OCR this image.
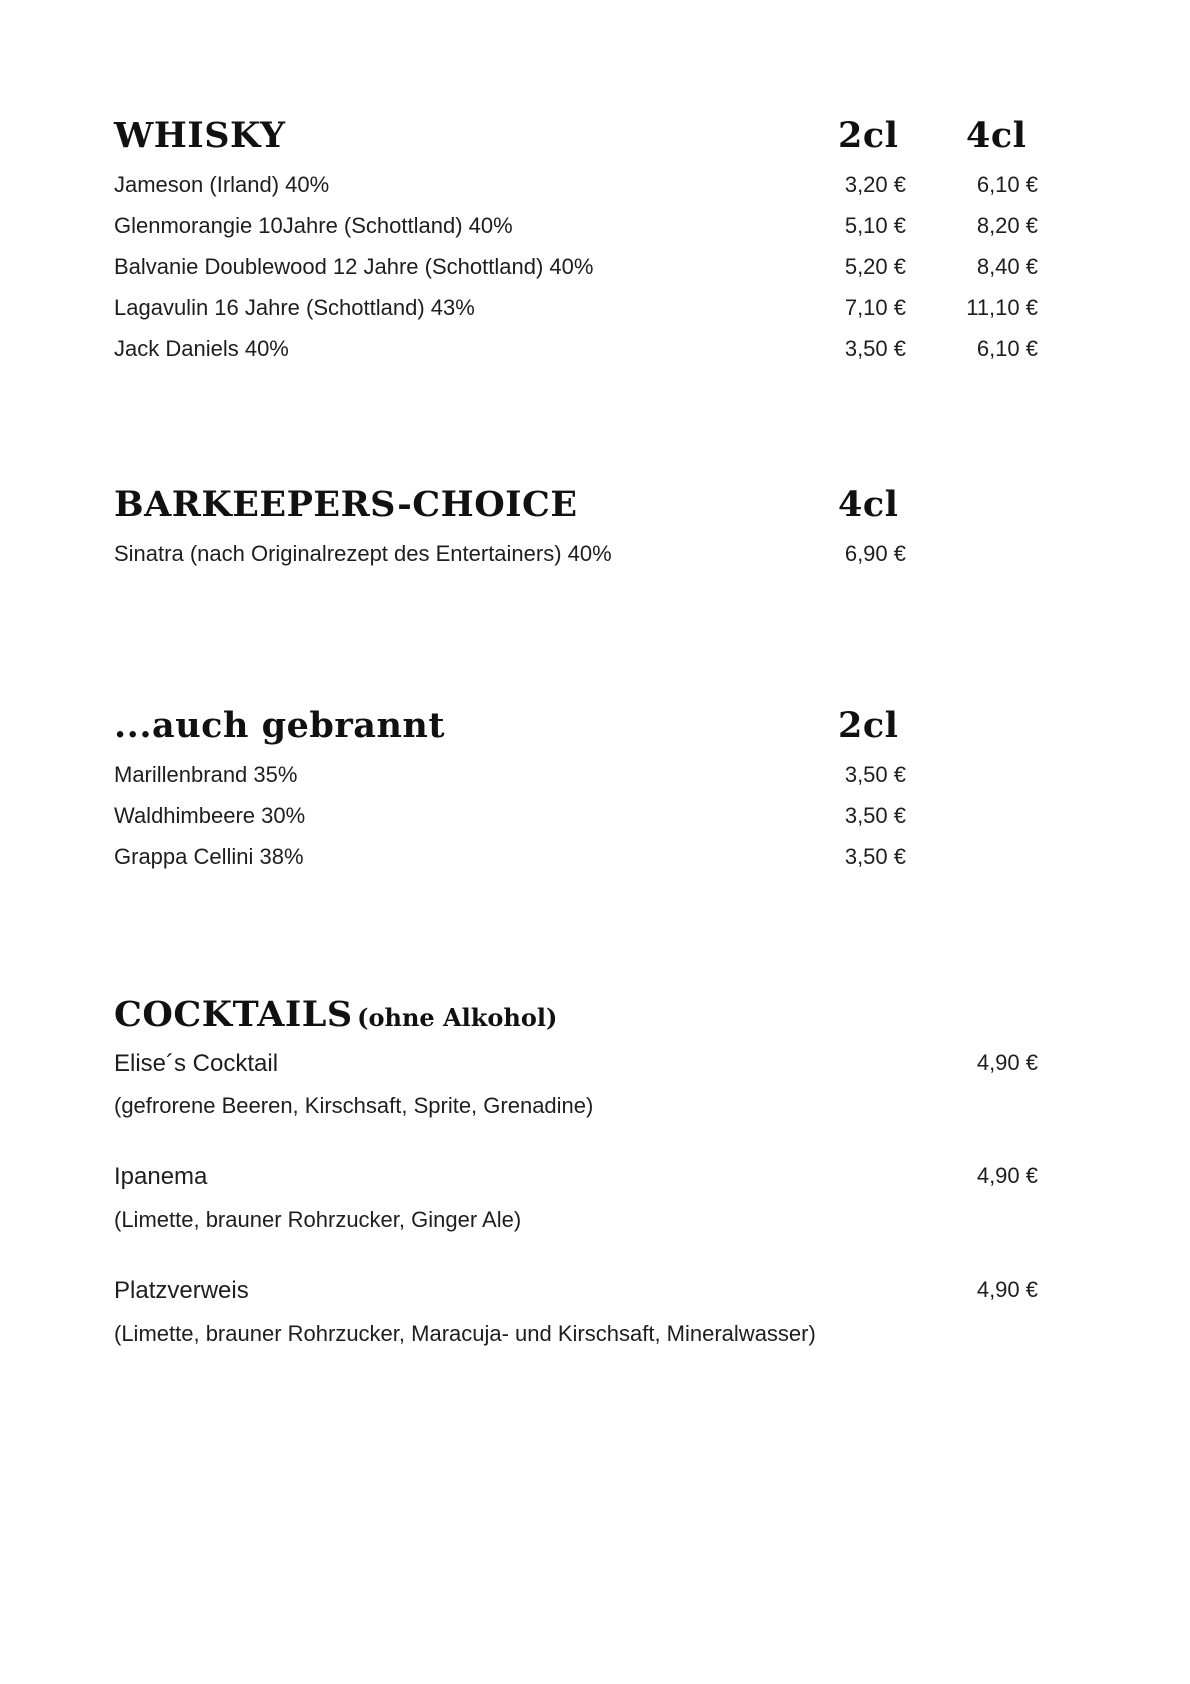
WHISKY	2cl 4cl
Jameson (Irland) 40%	3,20 €	6,10 €
Glenmorangie 10Jahre (Schottland) 40%	5,10 €	8,20 €
Balvanie Doublewood 12 Jahre (Schottland) 40%	5,20 €	8,40 €
Lagavulin 16 Jahre (Schottland) 43%	7,10 €	11,10 €
Jack Daniels 40%	3,50 €	6,10 €
BARKEEPERS-CHOICE	4cl
Sinatra (nach Originalrezept des Entertainers) 40%	6,90 €
...auch gebrannt	2cl
Marillenbrand 35%	3,50 €
Waldhimbeere 30%	3,50 €
Grappa Cellini 38%	3,50 €
COCKTAILS (ohne Alkohol)
Elise´s Cocktail	4,90 €
(gefrorene Beeren, Kirschsaft, Sprite, Grenadine)
Ipanema	4,90 €
(Limette, brauner Rohrzucker, Ginger Ale)
Platzverweis	4,90 €
(Limette, brauner Rohrzucker, Maracuja- und Kirschsaft, Mineralwasser)
